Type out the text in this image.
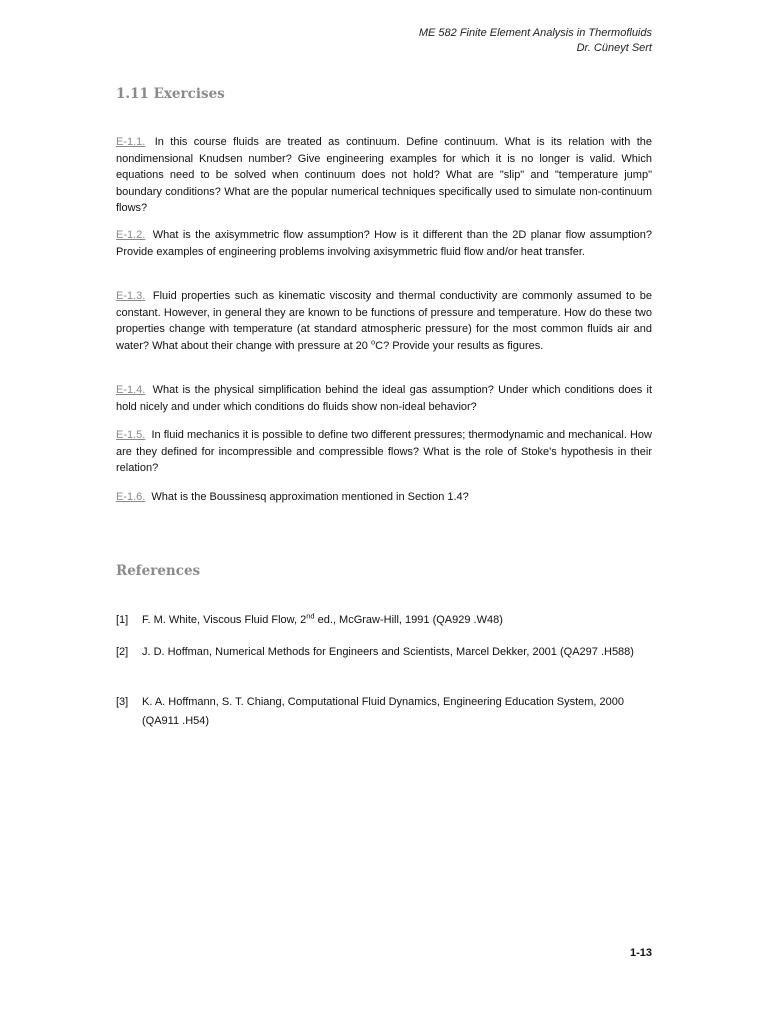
ME 582 Finite Element Analysis in Thermofluids
Dr. Cüneyt Sert
1.11 Exercises
E-1.1. In this course fluids are treated as continuum. Define continuum. What is its relation with the nondimensional Knudsen number? Give engineering examples for which it is no longer is valid. Which equations need to be solved when continuum does not hold? What are "slip" and "temperature jump" boundary conditions? What are the popular numerical techniques specifically used to simulate non-continuum flows?
E-1.2. What is the axisymmetric flow assumption? How is it different than the 2D planar flow assumption? Provide examples of engineering problems involving axisymmetric fluid flow and/or heat transfer.
E-1.3. Fluid properties such as kinematic viscosity and thermal conductivity are commonly assumed to be constant. However, in general they are known to be functions of pressure and temperature. How do these two properties change with temperature (at standard atmospheric pressure) for the most common fluids air and water? What about their change with pressure at 20 $^o$C? Provide your results as figures.
E-1.4. What is the physical simplification behind the ideal gas assumption? Under which conditions does it hold nicely and under which conditions do fluids show non-ideal behavior?
E-1.5. In fluid mechanics it is possible to define two different pressures; thermodynamic and mechanical. How are they defined for incompressible and compressible flows? What is the role of Stoke's hypothesis in their relation?
E-1.6. What is the Boussinesq approximation mentioned in Section 1.4?
References
[1] F. M. White, Viscous Fluid Flow, 2nd ed., McGraw-Hill, 1991 (QA929 .W48)
[2] J. D. Hoffman, Numerical Methods for Engineers and Scientists, Marcel Dekker, 2001 (QA297 .H588)
[3] K. A. Hoffmann, S. T. Chiang, Computational Fluid Dynamics, Engineering Education System, 2000 (QA911 .H54)
1-13
